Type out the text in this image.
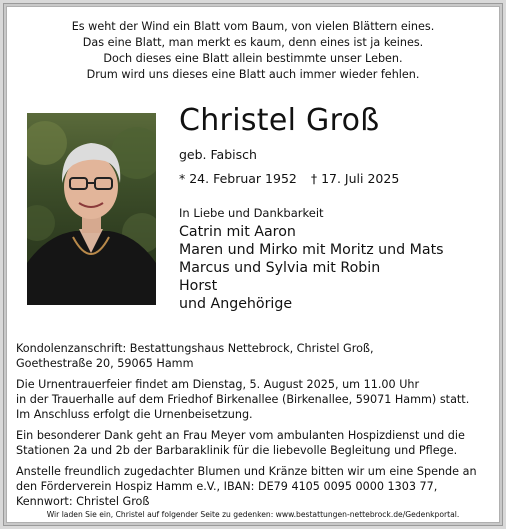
Es weht der Wind ein Blatt vom Baum, von vielen Blättern eines.
Das eine Blatt, man merkt es kaum, denn eines ist ja keines.
Doch dieses eine Blatt allein bestimmte unser Leben.
Drum wird uns dieses eine Blatt auch immer wieder fehlen.
Christel Groß
geb. Fabisch
* 24. Februar 1952 † 17. Juli 2025
In Liebe und Dankbarkeit
Catrin mit Aaron
Maren und Mirko mit Moritz und Mats
Marcus und Sylvia mit Robin
Horst
und Angehörige

Kondolenzanschrift: Bestattungshaus Nettebrock, Christel Groß,
Goethestraße 20, 59065 Hamm

Die Urnentrauerfeier findet am Dienstag, 5. August 2025, um 11.00 Uhr
in der Trauerhalle auf dem Friedhof Birkenallee (Birkenallee, 59071 Hamm) statt.
Im Anschluss erfolgt die Urnenbeisetzung.

Ein besonderer Dank geht an Frau Meyer vom ambulanten Hospizdienst und die
Stationen 2a und 2b der Barbaraklinik für die liebevolle Begleitung und Pflege.

Anstelle freundlich zugedachter Blumen und Kränze bitten wir um eine Spende an
den Förderverein Hospiz Hamm e.V., IBAN: DE79 4105 0095 0000 1303 77,
Kennwort: Christel Groß

Wir laden Sie ein, Christel auf folgender Seite zu gedenken: www.bestattungen-nettebrock.de/Gedenkportal.
